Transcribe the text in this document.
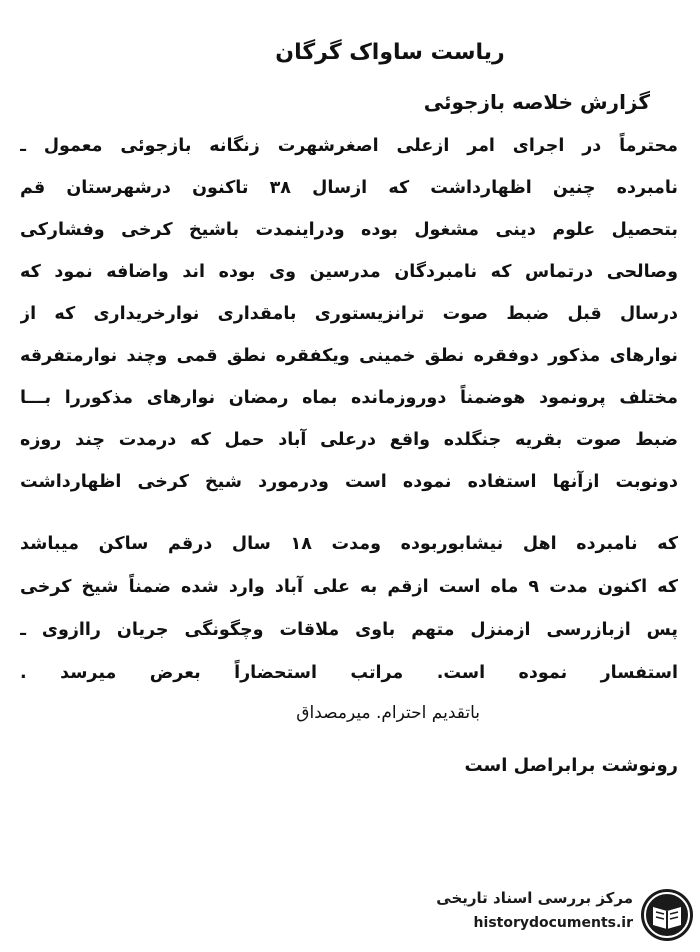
ریاست ساواک گرگان
گزارش خلاصه بازجوئی
محترماً در اجرای امر ازعلی اصغرشهرت زنگانه بازجوئی معمول ـ
نامبرده چنین اظهارداشت که ازسال ۳۸ تاکنون درشهرستان قم
بتحصیل علوم دینی مشغول بوده ودراینمدت باشیخ کرخی وفشارکی
وصالحی درتماس که نامبردگان مدرسین وی بوده اند واضافه نمود که
درسال قبل ضبط صوت ترانزیستوری بامقداری نوارخریداری که از
نوارهای مذکور دوفقره نطق خمینی ویکفقره نطق قمی وچند نوارمتفرقه
مختلف پرونمود هوضمناً دوروزمانده بماه رمضان نوارهای مذکوررا بـــا
ضبط صوت بقریه جنگلده واقع درعلی آباد حمل که درمدت چند روزه
دونوبت ازآنها استفاده نموده است ودرمورد شیخ کرخی اظهارداشت
که نامبرده اهل نیشابوربوده ومدت ۱۸ سال درقم ساکن میباشد
که اکنون مدت ۹ ماه است ازقم به علی آباد وارد شده ضمناً شیخ کرخی
پس ازبازرسی ازمنزل متهم باوی ملاقات وچگونگی جریان راازوی ـ
استفسار نموده است. مراتب استحضاراً بعرض میرسد .
باتقدیم احترام. میرمصداق
رونوشت برابراصل است
مرکز بررسی اسناد تاریخی
historydocuments.ir
